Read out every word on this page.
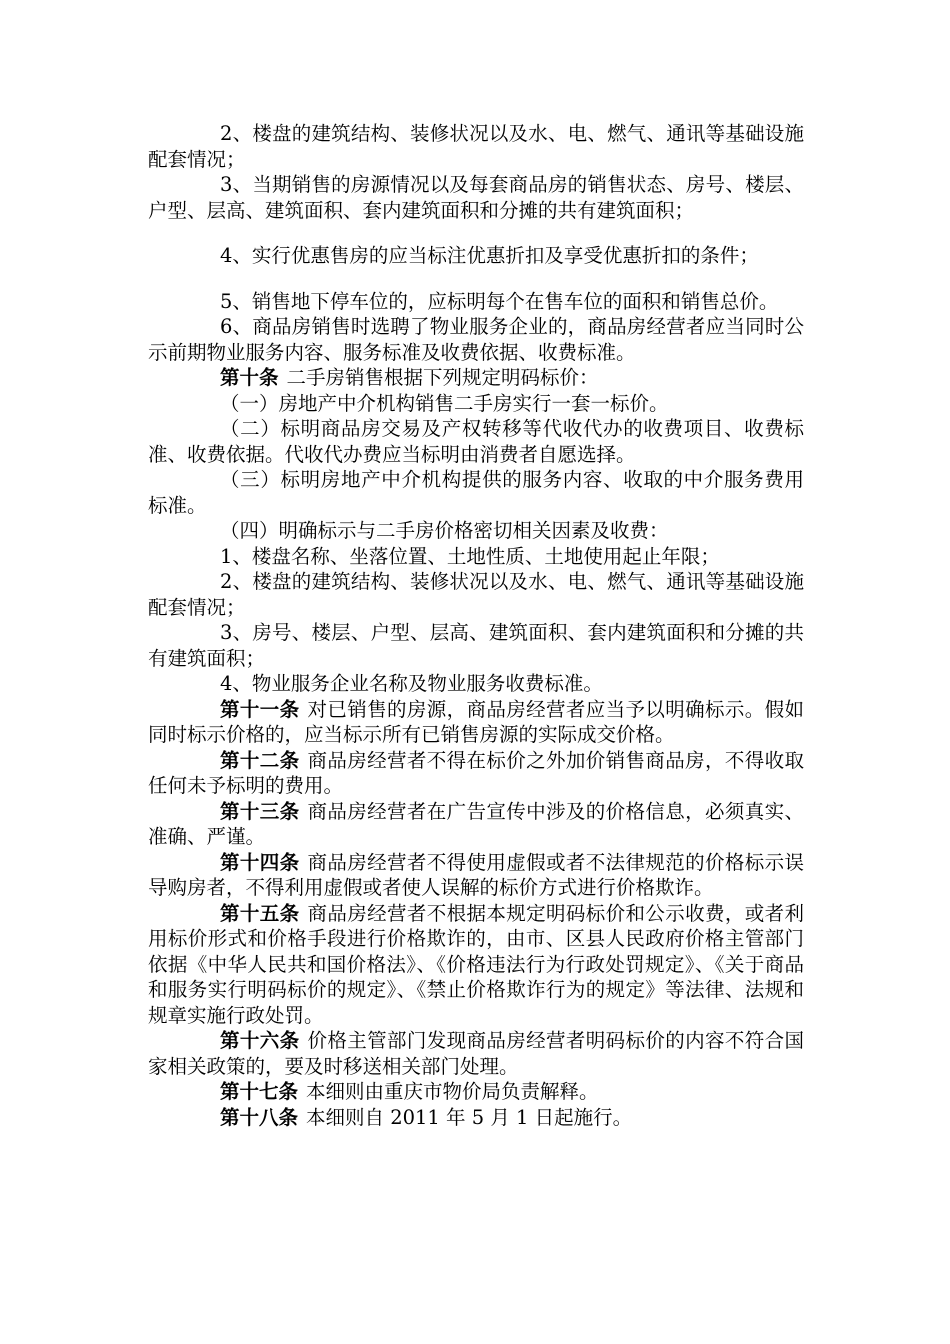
2、楼盘的建筑结构、装修状况以及水、电、燃气、通讯等基础设施配套情况；

3、当期销售的房源情况以及每套商品房的销售状态、房号、楼层、户型、层高、建筑面积、套内建筑面积和分摊的共有建筑面积；

4、实行优惠售房的应当标注优惠折扣及享受优惠折扣的条件；

5、销售地下停车位的，应标明每个在售车位的面积和销售总价。

6、商品房销售时选聘了物业服务企业的，商品房经营者应当同时公示前期物业服务内容、服务标准及收费依据、收费标准。

第十条 二手房销售根据下列规定明码标价：

（一）房地产中介机构销售二手房实行一套一标价。

（二）标明商品房交易及产权转移等代收代办的收费项目、收费标准、收费依据。代收代办费应当标明由消费者自愿选择。

（三）标明房地产中介机构提供的服务内容、收取的中介服务费用标准。

（四）明确标示与二手房价格密切相关因素及收费：

1、楼盘名称、坐落位置、土地性质、土地使用起止年限；

2、楼盘的建筑结构、装修状况以及水、电、燃气、通讯等基础设施配套情况；

3、房号、楼层、户型、层高、建筑面积、套内建筑面积和分摊的共有建筑面积；

4、物业服务企业名称及物业服务收费标准。

第十一条 对已销售的房源，商品房经营者应当予以明确标示。假如同时标示价格的，应当标示所有已销售房源的实际成交价格。

第十二条 商品房经营者不得在标价之外加价销售商品房，不得收取任何未予标明的费用。

第十三条 商品房经营者在广告宣传中涉及的价格信息，必须真实、准确、严谨。

第十四条 商品房经营者不得使用虚假或者不法律规范的价格标示误导购房者，不得利用虚假或者使人误解的标价方式进行价格欺诈。

第十五条 商品房经营者不根据本规定明码标价和公示收费，或者利用标价形式和价格手段进行价格欺诈的，由市、区县人民政府价格主管部门依据《中华人民共和国价格法》、《价格违法行为行政处罚规定》、《关于商品和服务实行明码标价的规定》、《禁止价格欺诈行为的规定》等法律、法规和规章实施行政处罚。

第十六条 价格主管部门发现商品房经营者明码标价的内容不符合国家相关政策的，要及时移送相关部门处理。

第十七条 本细则由重庆市物价局负责解释。

第十八条 本细则自 2011 年 5 月 1 日起施行。
